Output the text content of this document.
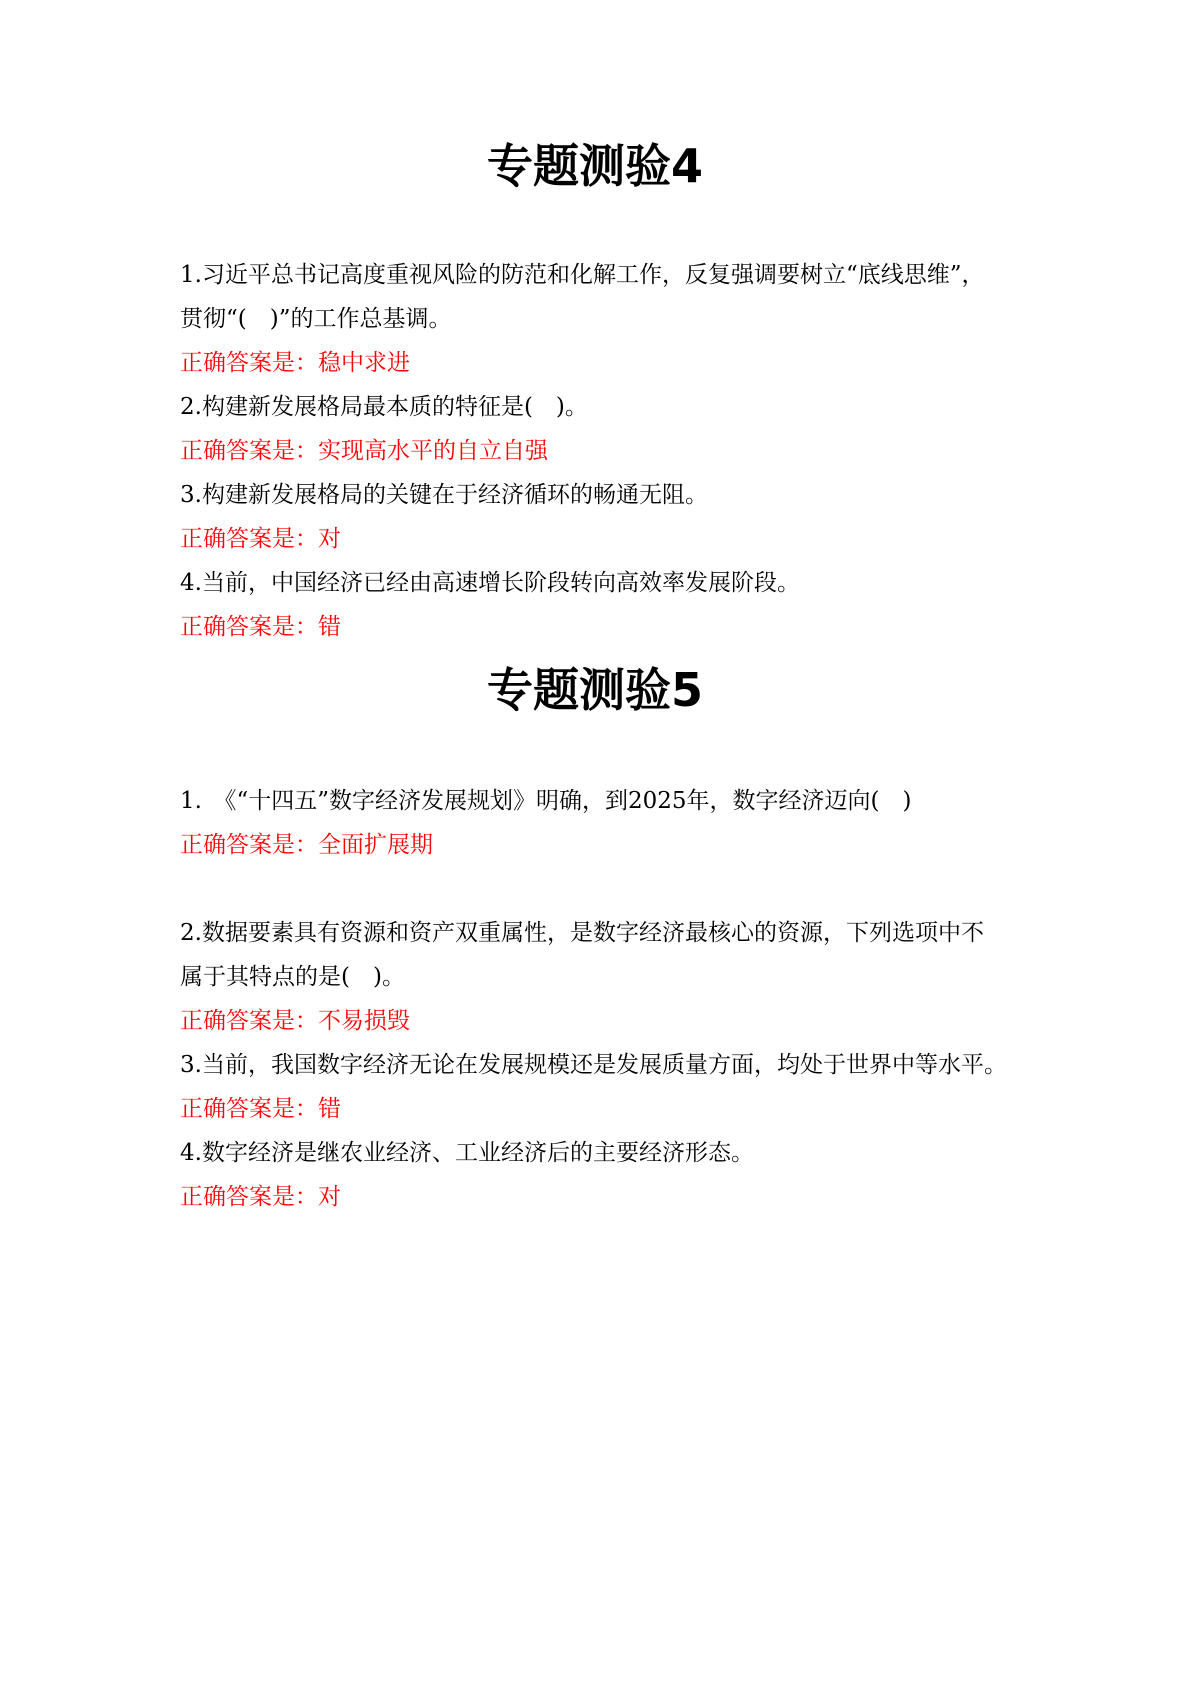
专题测验4
1.习近平总书记高度重视风险的防范和化解工作，反复强调要树立“底线思维”，
贯彻“(　)”的工作总基调。
正确答案是：稳中求进
2.构建新发展格局最本质的特征是(　)。
正确答案是：实现高水平的自立自强
3.构建新发展格局的关键在于经济循环的畅通无阻。
正确答案是：对
4.当前，中国经济已经由高速增长阶段转向高效率发展阶段。
正确答案是：错
专题测验5
1.　《“十四五”数字经济发展规划》明确，到2025年，数字经济迈向(　)
正确答案是：全面扩展期
2.数据要素具有资源和资产双重属性，是数字经济最核心的资源，下列选项中不
属于其特点的是(　)。
正确答案是：不易损毁
3.当前，我国数字经济无论在发展规模还是发展质量方面，均处于世界中等水平。
正确答案是：错
4.数字经济是继农业经济、工业经济后的主要经济形态。
正确答案是：对
